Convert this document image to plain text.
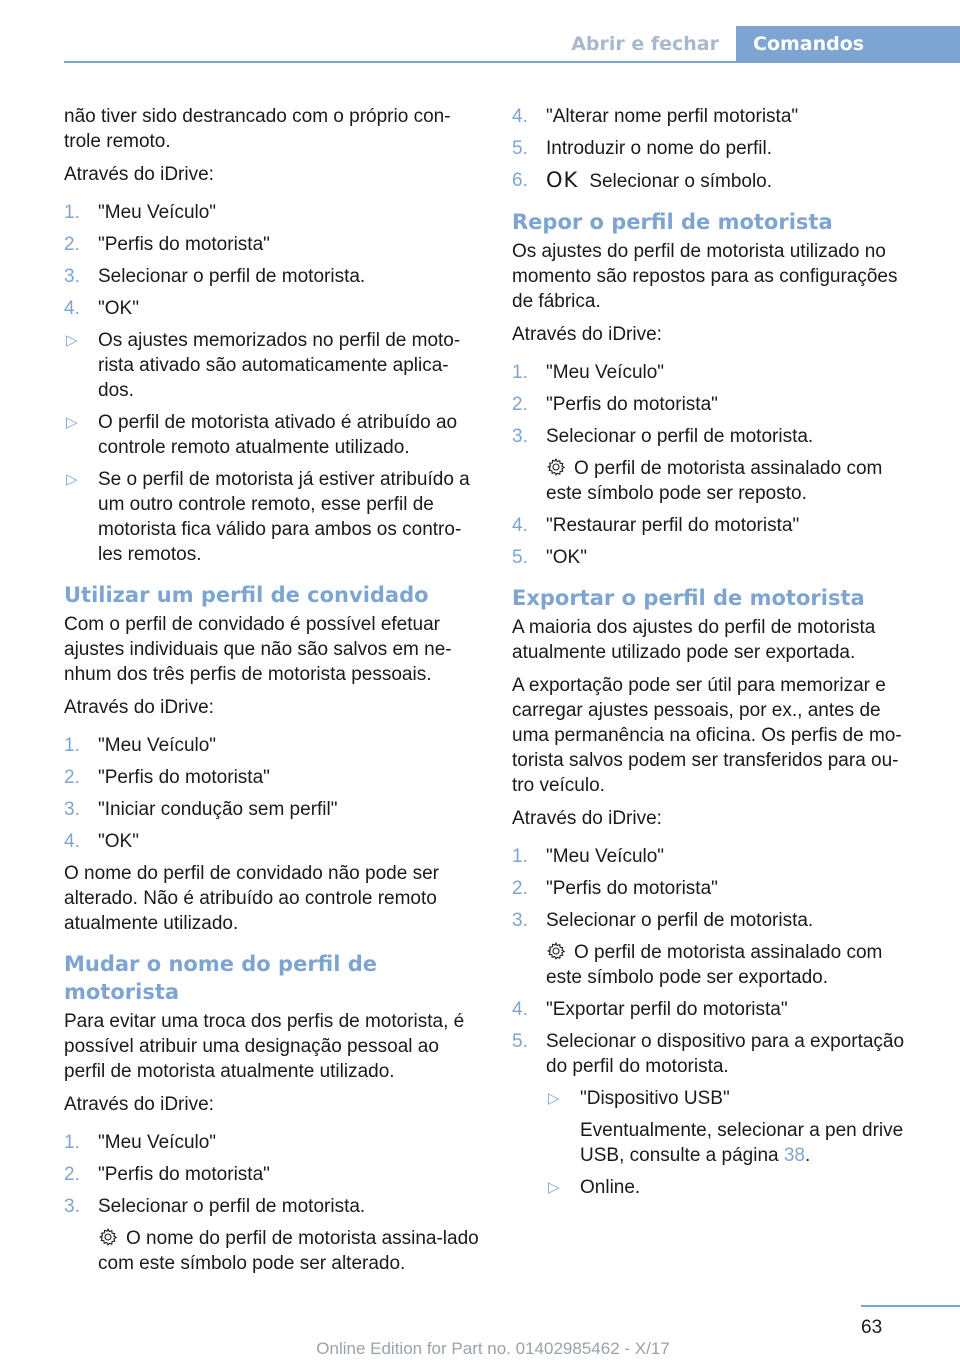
Abrir e fechar	Comandos

não tiver sido destrancado com o próprio con-trole remoto.

Através do iDrive:

1. "Meu Veículo"
2. "Perfis do motorista"
3. Selecionar o perfil de motorista.
4. "OK"
▷	Os ajustes memorizados no perfil de moto-rista ativado são automaticamente aplica-dos.
▷	O perfil de motorista ativado é atribuído ao controle remoto atualmente utilizado.
▷	Se o perfil de motorista já estiver atribuído a um outro controle remoto, esse perfil de motorista fica válido para ambos os contro-les remotos.
Utilizar um perfil de convidado

Com o perfil de convidado é possível efetuar ajustes individuais que não são salvos em ne-nhum dos três perfis de motorista pessoais.

Através do iDrive:

1. "Meu Veículo"
2. "Perfis do motorista"
3. "Iniciar condução sem perfil"
4. "OK"

O nome do perfil de convidado não pode ser alterado. Não é atribuído ao controle remoto atualmente utilizado.

Mudar o nome do perfil de motorista

Para evitar uma troca dos perfis de motorista, é possível atribuir uma designação pessoal ao perfil de motorista atualmente utilizado.

Através do iDrive:

1. "Meu Veículo"
2. "Perfis do motorista"
3. Selecionar o perfil de motorista.
O nome do perfil de motorista assina-lado com este símbolo pode ser alterado.
4. "Alterar nome perfil motorista"
5. Introduzir o nome do perfil.
6. OK Selecionar o símbolo.
Repor o perfil de motorista

Os ajustes do perfil de motorista utilizado no momento são repostos para as configurações de fábrica.

Através do iDrive:

1. "Meu Veículo"
2. "Perfis do motorista"
3. Selecionar o perfil de motorista.
O perfil de motorista assinalado com este símbolo pode ser reposto.
4. "Restaurar perfil do motorista"
5. "OK"
Exportar o perfil de motorista

A maioria dos ajustes do perfil de motorista atualmente utilizado pode ser exportada.

A exportação pode ser útil para memorizar e carregar ajustes pessoais, por ex., antes de uma permanência na oficina. Os perfis de mo-torista salvos podem ser transferidos para ou-tro veículo.

Através do iDrive:

1. "Meu Veículo"
2. "Perfis do motorista"
3. Selecionar o perfil de motorista.
O perfil de motorista assinalado com este símbolo pode ser exportado.
4. "Exportar perfil do motorista"
5. Selecionar o dispositivo para a exportação do perfil do motorista.
▷	"Dispositivo USB"
Eventualmente, selecionar a pen drive USB, consulte a página 38.
▷	Online.
63
Online Edition for Part no. 01402985462 - X/17
